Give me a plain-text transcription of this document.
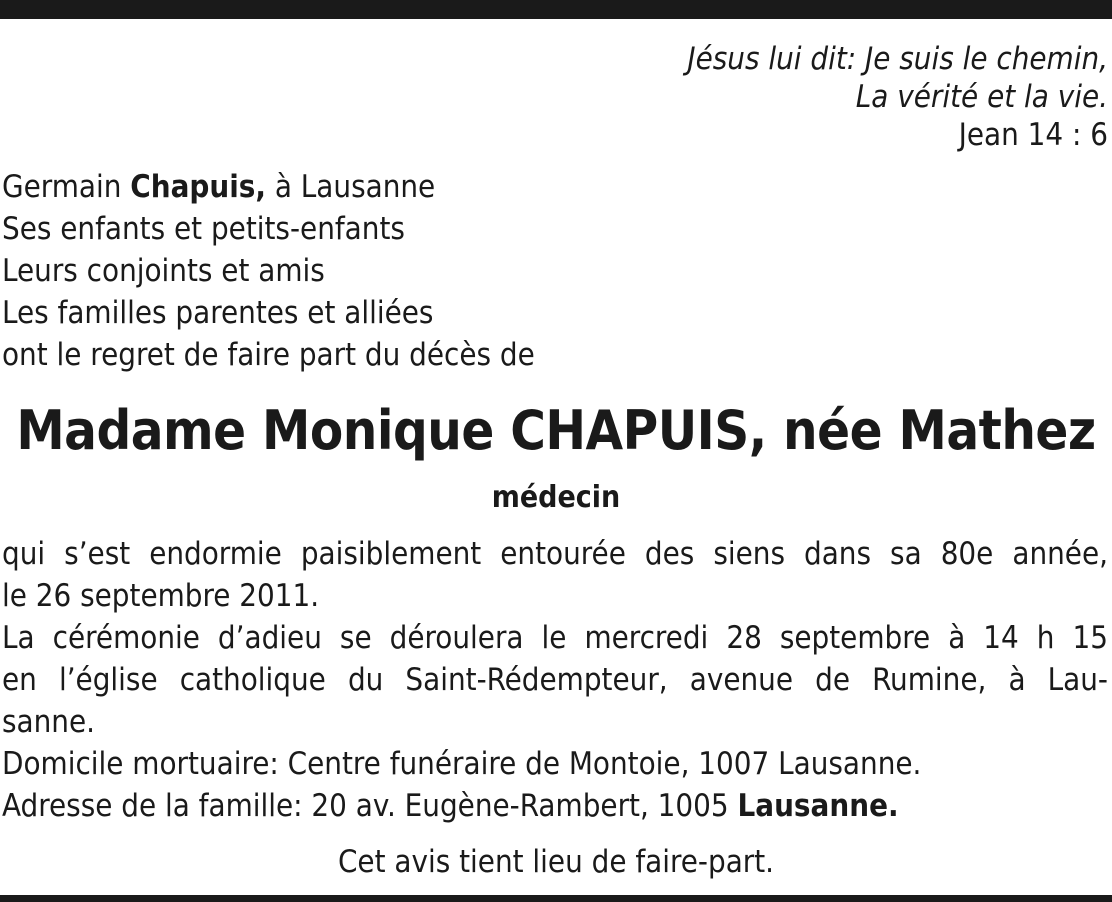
Jésus lui dit: Je suis le chemin,
La vérité et la vie.
Jean 14 : 6
Germain Chapuis, à Lausanne
Ses enfants et petits-enfants
Leurs conjoints et amis
Les familles parentes et alliées
ont le regret de faire part du décès de
Madame Monique CHAPUIS, née Mathez
médecin
qui s’est endormie paisiblement entourée des siens dans sa 80e année,
le 26 septembre 2011.
La cérémonie d’adieu se déroulera le mercredi 28 septembre à 14 h 15
en l’église catholique du Saint-Rédempteur, avenue de Rumine, à Lau-
sanne.
Domicile mortuaire: Centre funéraire de Montoie, 1007 Lausanne.
Adresse de la famille: 20 av. Eugène-Rambert, 1005 Lausanne.
Cet avis tient lieu de faire-part.
